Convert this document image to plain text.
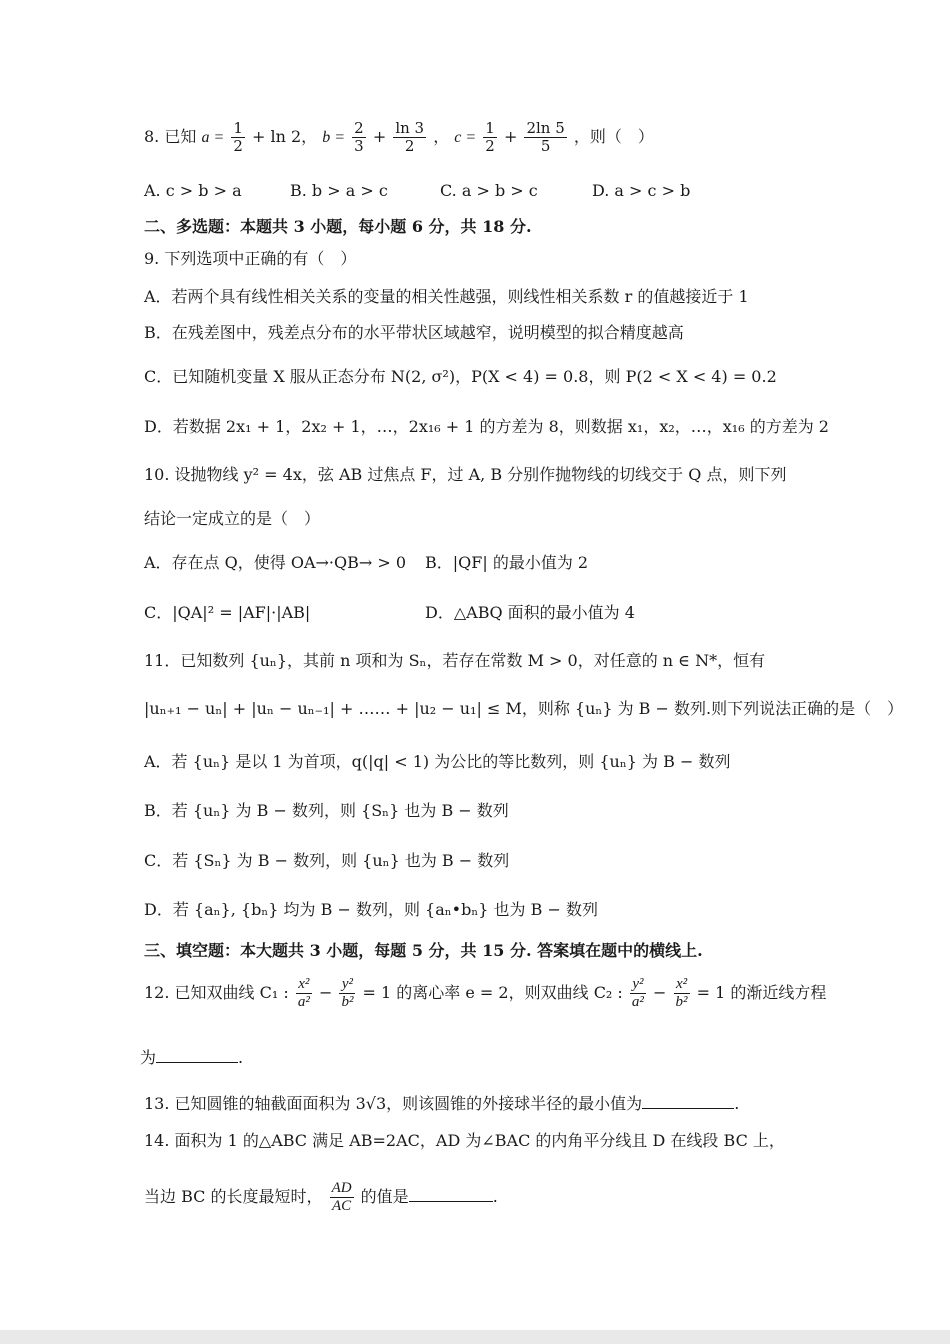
8. 已知 $a = \frac{1}{2} + \ln 2$， $b = \frac{2}{3} + \frac{\ln 3}{2}$ ， $c = \frac{1}{2} + \frac{2\ln 5}{5}$ ，则（　）
A. c > b > a	B. b > a > c	C. a > b > c	D. a > c > b
二、多选题：本题共 3 小题，每小题 6 分，共 18 分.
9. 下列选项中正确的有（　）
A．若两个具有线性相关关系的变量的相关性越强，则线性相关系数 r 的值越接近于 1
B．在残差图中，残差点分布的水平带状区域越窄，说明模型的拟合精度越高
C．已知随机变量 X 服从正态分布 N(2, σ²)，P(X < 4) = 0.8，则 P(2 < X < 4) = 0.2
D．若数据 2x₁ + 1，2x₂ + 1，…，2x₁₆ + 1 的方差为 8，则数据 x₁，x₂，…，x₁₆ 的方差为 2
10. 设抛物线 y² = 4x，弦 AB 过焦点 F，过 A, B 分别作抛物线的切线交于 Q 点，则下列
结论一定成立的是（　）
A．存在点 Q，使得 OA→·QB→ > 0 B．|QF| 的最小值为 2
C．|QA|² = |AF|·|AB|	D．△ABQ 面积的最小值为 4
11．已知数列 {uₙ}，其前 n 项和为 Sₙ，若存在常数 M > 0，对任意的 n ∈ N*，恒有
|uₙ₊₁ − uₙ| + |uₙ − uₙ₋₁| + …… + |u₂ − u₁| ≤ M，则称 {uₙ} 为 B − 数列.则下列说法正确的是（　）
A．若 {uₙ} 是以 1 为首项，q(|q| < 1) 为公比的等比数列，则 {uₙ} 为 B − 数列
B．若 {uₙ} 为 B − 数列，则 {Sₙ} 也为 B − 数列
C．若 {Sₙ} 为 B − 数列，则 {uₙ} 也为 B − 数列
D．若 {aₙ}, {bₙ} 均为 B − 数列，则 {aₙ•bₙ} 也为 B − 数列
三、填空题：本大题共 3 小题，每题 5 分，共 15 分. 答案填在题中的横线上.
12. 已知双曲线 C₁ : $\frac{\text{x²}}{\text{a²}} - \frac{\text{y²}}{\text{b²}} = 1$ 的离心率 e = 2，则双曲线 C₂ : $\frac{\text{y²}}{\text{a²}} - \frac{\text{x²}}{\text{b²}} = 1$ 的渐近线方程
为	.
13. 已知圆锥的轴截面面积为 3√3，则该圆锥的外接球半径的最小值为	.
14. 面积为 1 的△ABC 满足 AB=2AC，AD 为∠BAC 的内角平分线且 D 在线段 BC 上，
当边 BC 的长度最短时， $\frac{AD}{AC}$ 的值是	.
